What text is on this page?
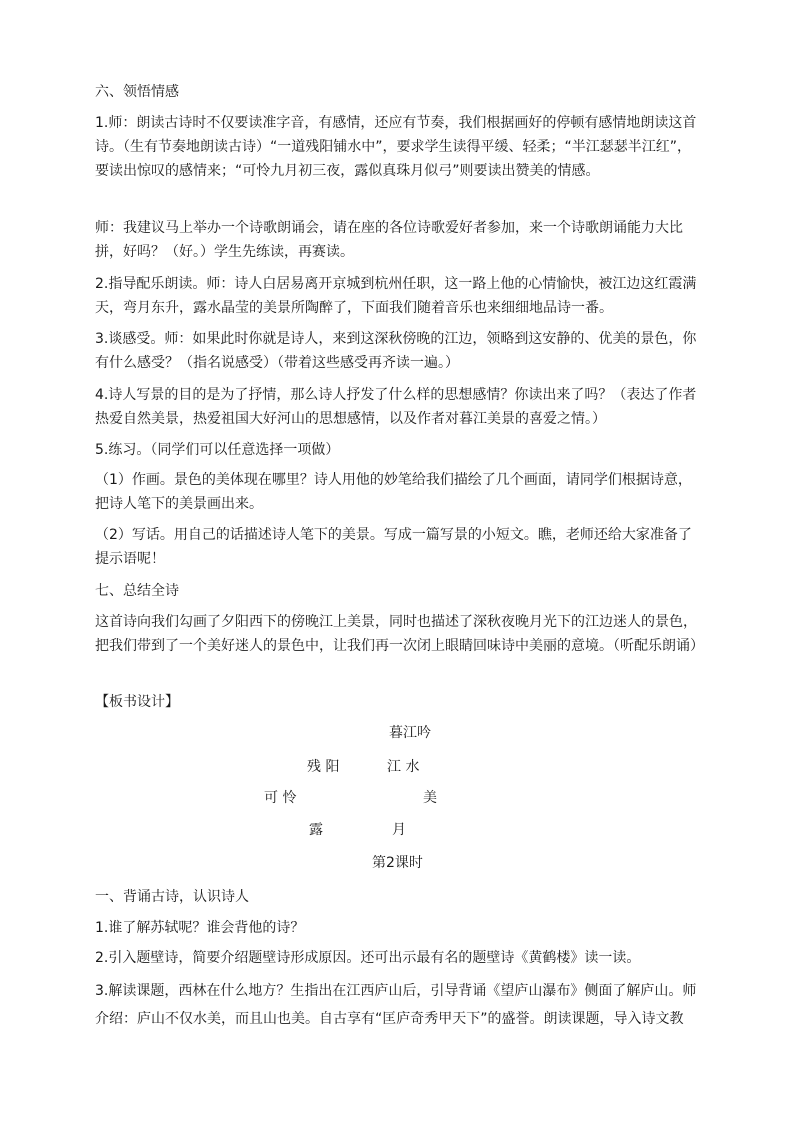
六、领悟情感

1.师：朗读古诗时不仅要读准字音，有感情，还应有节奏，我们根据画好的停顿有感情地朗读这首诗。（生有节奏地朗读古诗）“一道残阳铺水中”，要求学生读得平缓、轻柔；“半江瑟瑟半江红”，要读出惊叹的感情来；“可怜九月初三夜，露似真珠月似弓”则要读出赞美的情感。

师：我建议马上举办一个诗歌朗诵会，请在座的各位诗歌爱好者参加，来一个诗歌朗诵能力大比拼，好吗？（好。）学生先练读，再赛读。

2.指导配乐朗读。师：诗人白居易离开京城到杭州任职，这一路上他的心情愉快，被江边这红霞满天，弯月东升，露水晶莹的美景所陶醉了，下面我们随着音乐也来细细地品诗一番。

3.谈感受。师：如果此时你就是诗人，来到这深秋傍晚的江边，领略到这安静的、优美的景色，你有什么感受？（指名说感受）（带着这些感受再齐读一遍。）

4.诗人写景的目的是为了抒情，那么诗人抒发了什么样的思想感情？你读出来了吗？（表达了作者热爱自然美景，热爱祖国大好河山的思想感情，以及作者对暮江美景的喜爱之情。）

5.练习。（同学们可以任意选择一项做）

（1）作画。景色的美体现在哪里？诗人用他的妙笔给我们描绘了几个画面，请同学们根据诗意，把诗人笔下的美景画出来。

（2）写话。用自己的话描述诗人笔下的美景。写成一篇写景的小短文。瞧，老师还给大家准备了提示语呢！

七、总结全诗

这首诗向我们勾画了夕阳西下的傍晚江上美景，同时也描述了深秋夜晚月光下的江边迷人的景色，把我们带到了一个美好迷人的景色中，让我们再一次闭上眼睛回味诗中美丽的意境。（听配乐朗诵）

【板书设计】

暮江吟
残 阳	江 水
可 怜	美
露	月
第2课时

一、背诵古诗，认识诗人

1.谁了解苏轼呢？谁会背他的诗？

2.引入题壁诗，简要介绍题壁诗形成原因。还可出示最有名的题壁诗《黄鹤楼》读一读。

3.解读课题，西林在什么地方？生指出在江西庐山后，引导背诵《望庐山瀑布》侧面了解庐山。师介绍：庐山不仅水美，而且山也美。自古享有“匡庐奇秀甲天下”的盛誉。朗读课题，导入诗文教
